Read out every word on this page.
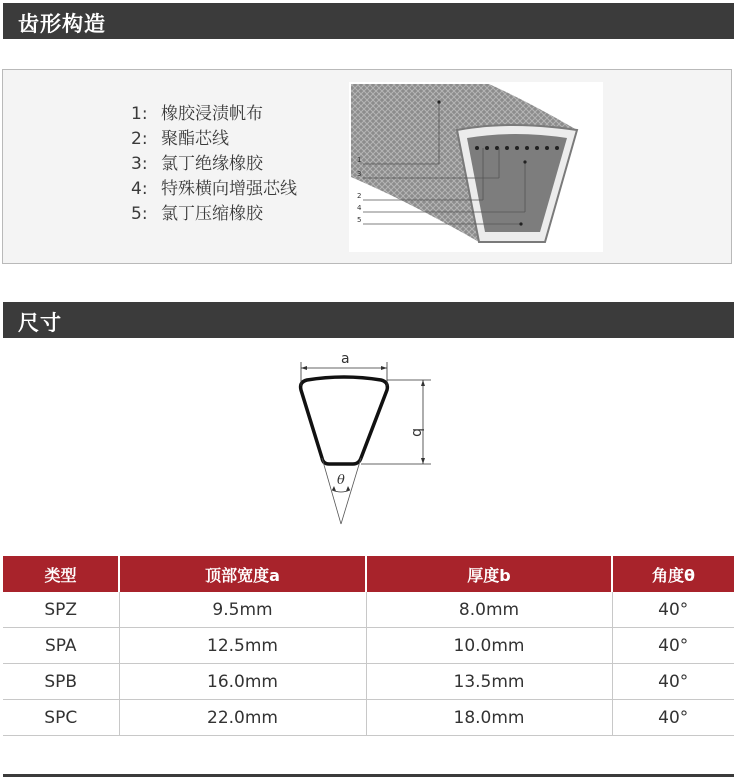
齿形构造
1: 橡胶浸渍帆布
2: 聚酯芯线
3: 氯丁绝缘橡胶
4: 特殊横向增强芯线
5: 氯丁压缩橡胶
1
3
2
4
5
尺寸
a
b
θ
类型	顶部宽度a	厚度b	角度θ
SPZ	9.5mm	8.0mm	40°
SPA	12.5mm	10.0mm	40°
SPB	16.0mm	13.5mm	40°
SPC	22.0mm	18.0mm	40°
